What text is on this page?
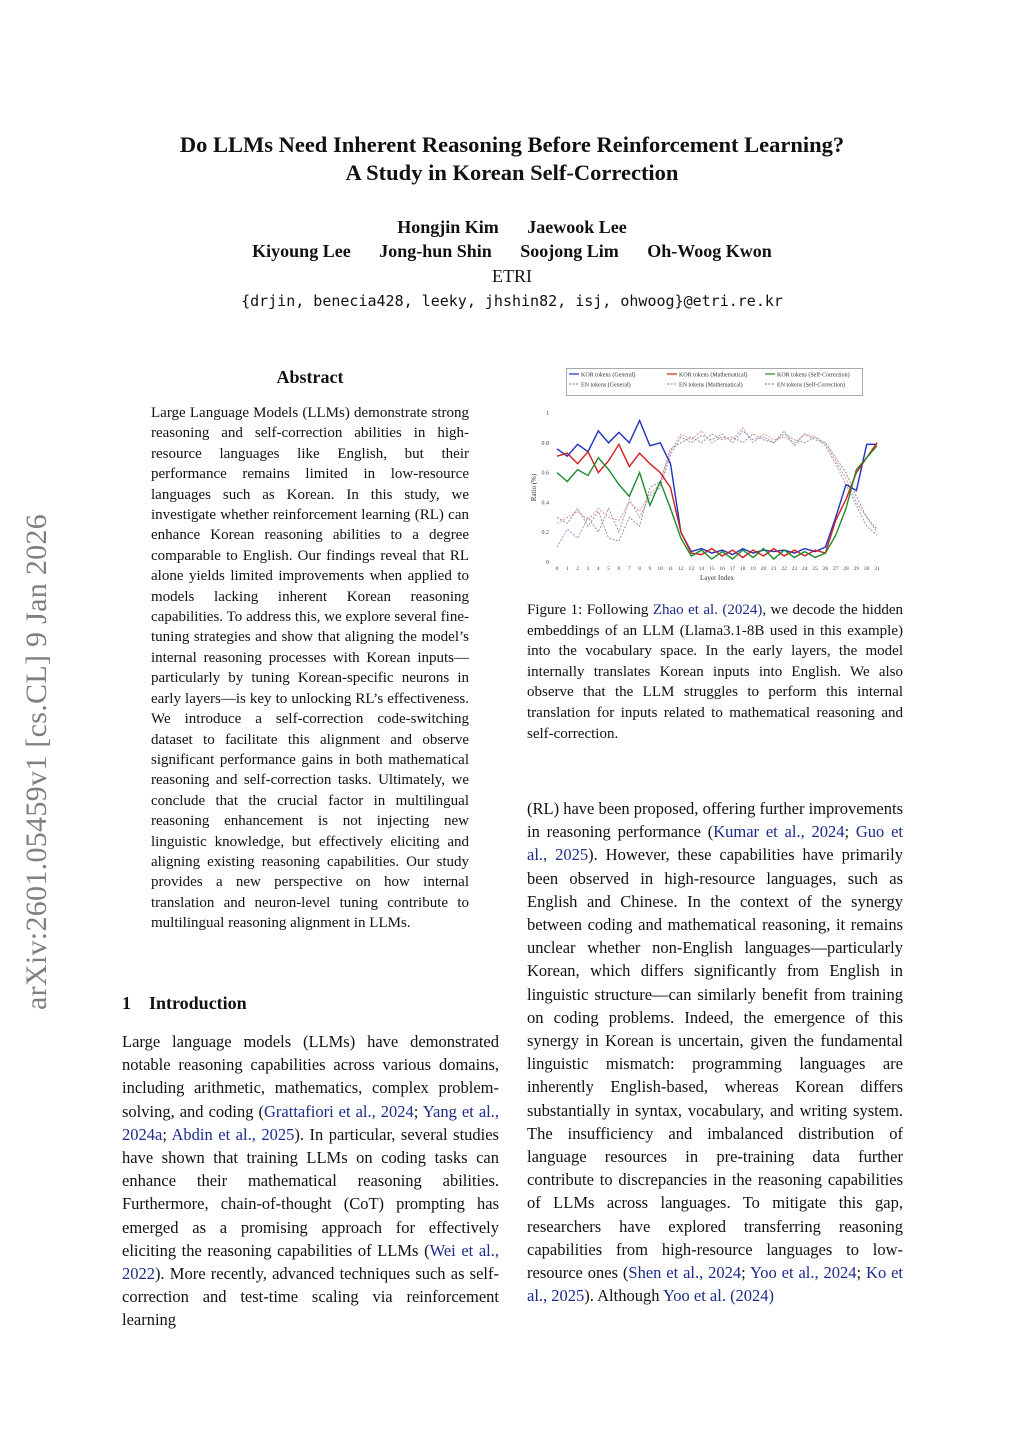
arXiv:2601.05459v1 [cs.CL] 9 Jan 2026
Do LLMs Need Inherent Reasoning Before Reinforcement Learning?
A Study in Korean Self-Correction
Hongjin Kim Jaewook Lee
Kiyoung Lee Jong-hun Shin Soojong Lim Oh-Woog Kwon
ETRI
{drjin, benecia428, leeky, jhshin82, isj, ohwoog}@etri.re.kr
Abstract

Large Language Models (LLMs) demonstrate strong reasoning and self-correction abilities in high-resource languages like English, but their performance remains limited in low-resource languages such as Korean. In this study, we investigate whether reinforcement learning (RL) can enhance Korean reasoning abilities to a degree comparable to English. Our findings reveal that RL alone yields limited improvements when applied to models lacking inherent Korean reasoning capabilities. To address this, we explore several fine-tuning strategies and show that aligning the model’s internal reasoning processes with Korean inputs—particularly by tuning Korean-specific neurons in early layers—is key to unlocking RL’s effectiveness. We introduce a self-correction code-switching dataset to facilitate this alignment and observe significant performance gains in both mathematical reasoning and self-correction tasks. Ultimately, we conclude that the crucial factor in multilingual reasoning enhancement is not injecting new linguistic knowledge, but effectively eliciting and aligning existing reasoning capabilities. Our study provides a new perspective on how internal translation and neuron-level tuning contribute to multilingual reasoning alignment in LLMs.

1 Introduction

Large language models (LLMs) have demonstrated notable reasoning capabilities across various domains, including arithmetic, mathematics, complex problem-solving, and coding (Grattafiori et al., 2024; Yang et al., 2024a; Abdin et al., 2025). In particular, several studies have shown that training LLMs on coding tasks can enhance their mathematical reasoning abilities. Furthermore, chain-of-thought (CoT) prompting has emerged as a promising approach for effectively eliciting the reasoning capabilities of LLMs (Wei et al., 2022). More recently, advanced techniques such as self-correction and test-time scaling via reinforcement learning

(RL) have been proposed, offering further improvements in reasoning performance (Kumar et al., 2024; Guo et al., 2025). However, these capabilities have primarily been observed in high-resource languages, such as English and Chinese. In the context of the synergy between coding and mathematical reasoning, it remains unclear whether non-English languages—particularly Korean, which differs significantly from English in linguistic structure—can similarly benefit from training on coding problems. Indeed, the emergence of this synergy in Korean is uncertain, given the fundamental linguistic mismatch: programming languages are inherently English-based, whereas Korean differs substantially in syntax, vocabulary, and writing system. The insufficiency and imbalanced distribution of language resources in pre-training data further contribute to discrepancies in the reasoning capabilities of LLMs across languages. To mitigate this gap, researchers have explored transferring reasoning capabilities from high-resource languages to low-resource ones (Shen et al., 2024; Yoo et al., 2024; Ko et al., 2025). Although Yoo et al. (2024)

KOR tokens (General)	KOR tokens (Mathematical)	KOR tokens (Self-Correction)
EN tokens (General)	EN tokens (Mathematical)	EN tokens (Self-Correction)
0
0.2
0.4
0.6
0.8
1
0 1 2 3 4 5 6 7 8 9 10 11 12 13 14 15 16 17 18 19 20 21 22 23 24 25 26 27 28 29 30 31
Layer Index
Ratio (%)

Figure 1: Following Zhao et al. (2024), we decode the hidden embeddings of an LLM (Llama3.1-8B used in this example) into the vocabulary space. In the early layers, the model internally translates Korean inputs into English. We also observe that the LLM struggles to perform this internal translation for inputs related to mathematical reasoning and self-correction.
